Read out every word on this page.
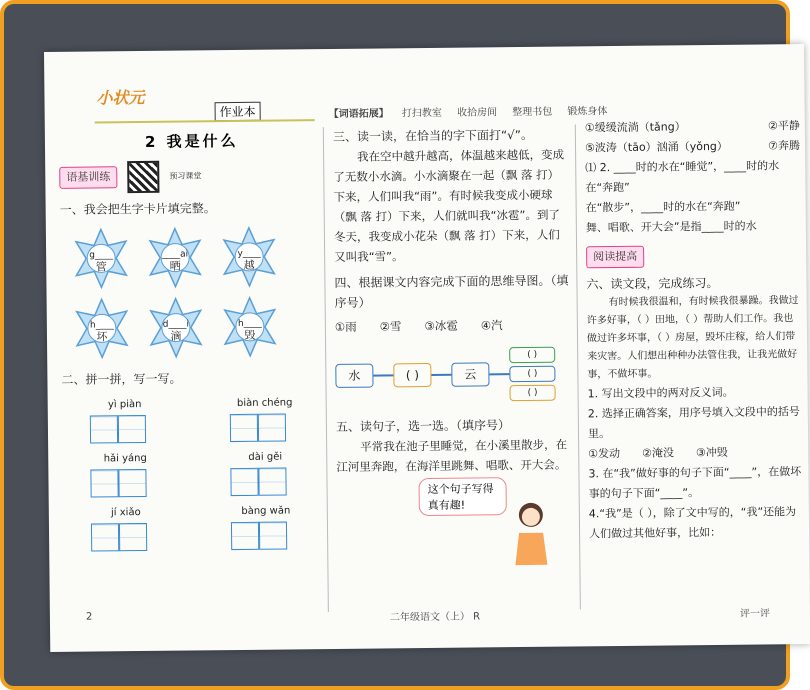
小状元
作业本
2 我是什么
【词语拓展】 打扫教室 收拾房间 整理书包 锻炼身体
语基训练	预习课堂
一、我会把生字卡片填完整。
g____
管
____ai
晒
y____
越
h____
坏
d____i
滴
h____
毁
二、拼一拼，写一写。
yì piàn	biàn chéng
hǎi yáng	dài gěi
jí xiǎo	bàng wǎn
2
三、读一读，在恰当的字下面打“√”。

我在空中越升越高，体温越来越低，变成了无数小水滴。小水滴聚在一起（飘 落 打）下来，人们叫我“雨”。有时候我变成小硬球（飘 落 打）下来，人们就叫我“冰雹”。到了冬天，我变成小花朵（飘 落 打）下来，人们又叫我“雪”。

四、根据课文内容完成下面的思维导图。（填序号）
①雨　　②雪　　③冰雹　　④汽
水	( )	云
( )
( )
( )
五、读句子，选一选。（填序号）

平常我在池子里睡觉，在小溪里散步，在江河里奔跑，在海洋里跳舞、唱歌、开大会。

这个句子写得真有趣!
二年级语文（上） R
①缓缓流淌（tǎng）	②平静
⑤波涛（tāo）汹涌（yǒng）	⑦奔腾
⑴ 2. ____时的水在“睡觉”，____时的水在“奔跑”
在“散步”，____时的水在“奔跑”
舞、唱歌、开大会”是指____时的水
阅读提高
六、读文段，完成练习。
有时候我很温和，有时候我很暴躁。我做过许多好事，（ ）田地，（ ）帮助人们工作。我也做过许多坏事，（ ）房屋，毁坏庄稼，给人们带来灾害。人们想出种种办法管住我，让我光做好事，不做坏事。
1. 写出文段中的两对反义词。
2. 选择正确答案，用序号填入文段中的括号里。
①发动　　②淹没　　③冲毁
3. 在“我”做好事的句子下面“____”，在做坏事的句子下面“____”。
4.“我”是（ ），除了文中写的，“我”还能为人们做过其他好事，比如：
评一评
